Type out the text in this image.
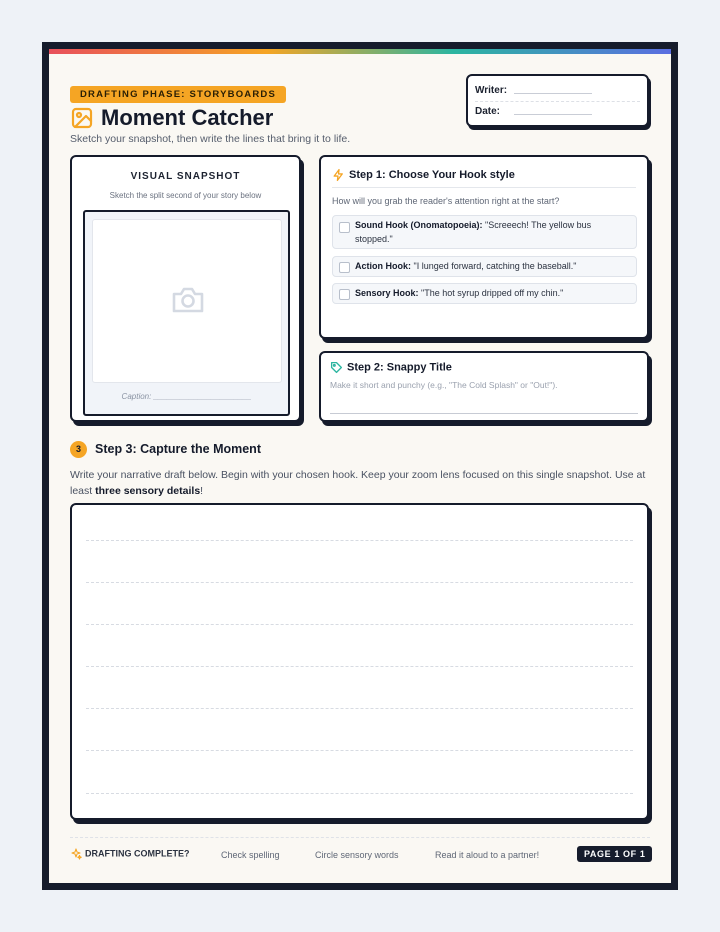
DRAFTING PHASE: STORYBOARDS
Moment Catcher
Sketch your snapshot, then write the lines that bring it to life.
Writer:
Date:
VISUAL SNAPSHOT
Sketch the split second of your story below
Caption: ______________________
Step 1: Choose Your Hook style
How will you grab the reader's attention right at the start?
Sound Hook (Onomatopoeia): "Screeech! The yellow bus stopped."
Action Hook: "I lunged forward, catching the baseball."
Sensory Hook: "The hot syrup dripped off my chin."
Step 2: Snappy Title
Make it short and punchy (e.g., "The Cold Splash" or "Out!").
3	Step 3: Capture the Moment
Write your narrative draft below. Begin with your chosen hook. Keep your zoom lens focused on this single snapshot. Use at least three sensory details!
DRAFTING COMPLETE?	Check spelling	Circle sensory words	Read it aloud to a partner!	PAGE 1 OF 1
